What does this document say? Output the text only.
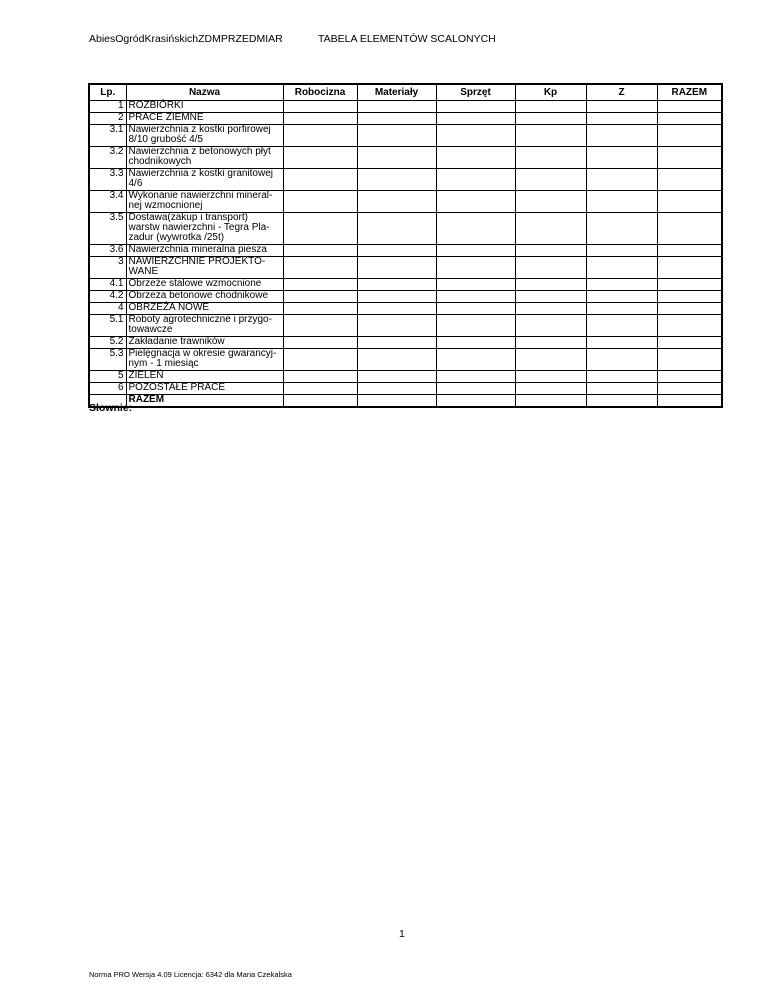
AbiesOgródKrasińskichZDMPRZEDMIAR	TABELA ELEMENTÓW SCALONYCH
Lp.	Nazwa	Robocizna	Materiały	Sprzęt	Kp	Z	RAZEM
1	ROZBIÓRKI						
2	PRACE ZIEMNE						
3.1	Nawierzchnia z kostki porfirowej
8/10 grubość 4/5						
3.2	Nawierzchnia z betonowych płyt
chodnikowych						
3.3	Nawierzchnia z kostki granitowej
4/6						
3.4	Wykonanie nawierzchni mineral-
nej wzmocnionej						
3.5	Dostawa(zakup i transport)
warstw nawierzchni - Tegra Pla-
zadur (wywrotka /25t)						
3.6	Nawierzchnia mineralna piesza						
3	NAWIERZCHNIE PROJEKTO-
WANE						
4.1	Obrzeże stalowe wzmocnione						
4.2	Obrzeża betonowe chodnikowe						
4	OBRZEŻA NOWE						
5.1	Roboty agrotechniczne i przygo-
towawcze						
5.2	Zakładanie trawników						
5.3	Pielęgnacja w okresie gwarancyj-
nym - 1 miesiąc						
5	ZIELEŃ						
6	POZOSTAŁE PRACE						
	RAZEM						
Słownie:
1
Norma PRO Wersja 4.09 Licencja: 6342 dla Maria Czekalska
